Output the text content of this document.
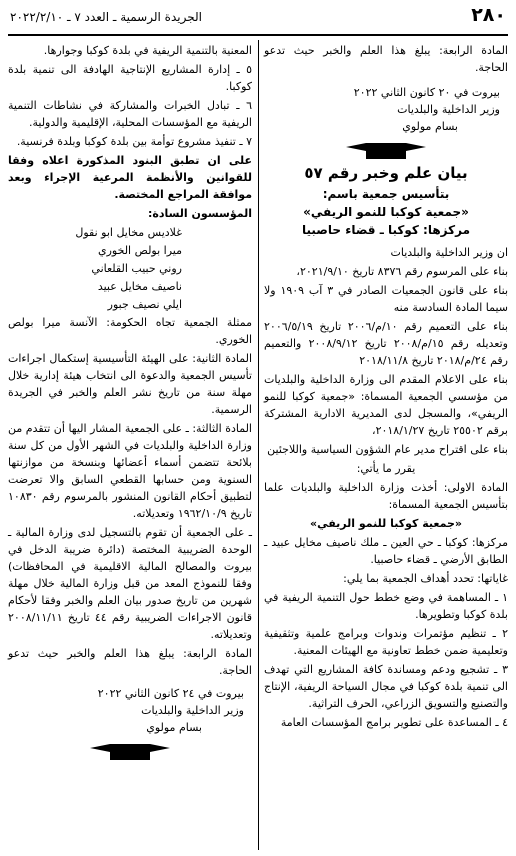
٢٨٠
الجريدة الرسمية ـ العدد ٧ ـ ٢٠٢٢/٢/١٠

المادة الرابعة: يبلغ هذا العلم والخبر حيث تدعو الحاجة.

بيروت في ٢٠ كانون الثاني ٢٠٢٢

وزير الداخلية والبلديات

بسام مولوي

بيان علم وخبر رقم ٥٧
بتأسيس جمعية باسم:
«جمعية كوكبا للنمو الريفي»
مركزها: كوكبا ـ قضاء حاصبيا

ان وزير الداخلية والبلديات

بناء على المرسوم رقم ٨٣٧٦ تاريخ ٢٠٢١/٩/١٠،

بناء على قانون الجمعيات الصادر في ٣ آب ١٩٠٩ ولا سيما المادة السادسة منه

بناء على التعميم رقم ١٠/م/٢٠٠٦ تاريخ ٢٠٠٦/٥/١٩ وتعديله رقم ١٥/م/٢٠٠٨ تاريخ ٢٠٠٨/٩/١٢ والتعميم رقم ٢٤/م/٢٠١٨ تاريخ ٢٠١٨/١١/٨

بناء على الاعلام المقدم الى وزارة الداخلية والبلديات من مؤسسي الجمعية المسماة: «جمعية كوكبا للنمو الريفي»، والمسجل لدى المديرية الادارية المشتركة برقم ٢٥٥٠٢ تاريخ ٢٠١٨/١/٢٧،

بناء على اقتراح مدير عام الشؤون السياسية واللاجئين

يقرر ما يأتي:

المادة الاولى: أخذت وزارة الداخلية والبلديات علما بتأسيس الجمعية المسماة:

«جمعية كوكبا للنمو الريفي»

مركزها: كوكبا ـ حي العين ـ ملك ناصيف مخايل عبيد ـ الطابق الأرضي ـ قضاء حاصبيا.

غاياتها: تحدد أهداف الجمعية بما يلي:

١ ـ المساهمة في وضع خطط حول التنمية الريفية في بلدة كوكبا وتطويرها.

٢ ـ تنظيم مؤتمرات وندوات وبرامج علمية وتثقيفية وتعليمية ضمن خطط تعاونية مع الهيئات المعنية.

٣ ـ تشجيع ودعم ومساندة كافة المشاريع التي تهدف الى تنمية بلدة كوكبا في مجال السياحة الريفية، الإنتاج والتصنيع والتسويق الزراعي، الحرف التراثية.

٤ ـ المساعدة على تطوير برامج المؤسسات العامة

المعنية بالتنمية الريفية في بلدة كوكبا وجوارها.

٥ ـ إدارة المشاريع الإنتاجية الهادفة الى تنمية بلدة كوكبا.

٦ ـ تبادل الخبرات والمشاركة في نشاطات التنمية الريفية مع المؤسسات المحلية، الإقليمية والدولية.

٧ ـ تنفيذ مشروع توأمة بين بلدة كوكبا وبلدة فرنسية.

على ان تطبق البنود المذكورة اعلاه وفقا للقوانين والأنظمة المرعية الإجراء وبعد موافقة المراجع المختصة.

المؤسسون السادة:

غلاديس مخايل ابو نقول

ميرا بولص الخوري

روني حبيب القلعاني

ناصيف مخايل عبيد

ايلي نصيف جبور

ممثلة الجمعية تجاه الحكومة: الآنسة ميرا بولص الخوري.

المادة الثانية: على الهيئة التأسيسية إستكمال اجراءات تأسيس الجمعية والدعوة الى انتخاب هيئة إدارية خلال مهلة سنة من تاريخ نشر العلم والخبر في الجريدة الرسمية.

المادة الثالثة: ـ على الجمعية المشار اليها أن تتقدم من وزارة الداخلية والبلديات في الشهر الأول من كل سنة بلائحة تتضمن أسماء أعضائها وبنسخة من موازنتها السنوية ومن حسابها القطعي السابق والا تعرضت لتطبيق أحكام القانون المنشور بالمرسوم رقم ١٠٨٣٠ تاريخ ١٩٦٢/١٠/٩ وتعديلاته.

ـ على الجمعية أن تقوم بالتسجيل لدى وزارة المالية ـ الوحدة الضريبية المختصة (دائرة ضريبة الدخل في بيروت والمصالح المالية الاقليمية في المحافظات) وفقا للنموذج المعد من قبل وزارة المالية خلال مهلة شهرين من تاريخ صدور بيان العلم والخبر وفقا لأحكام قانون الاجراءات الضريبية رقم ٤٤ تاريخ ٢٠٠٨/١١/١١ وتعديلاته.

المادة الرابعة: يبلغ هذا العلم والخبر حيث تدعو الحاجة.

بيروت في ٢٤ كانون الثاني ٢٠٢٢

وزير الداخلية والبلديات

بسام مولوي
